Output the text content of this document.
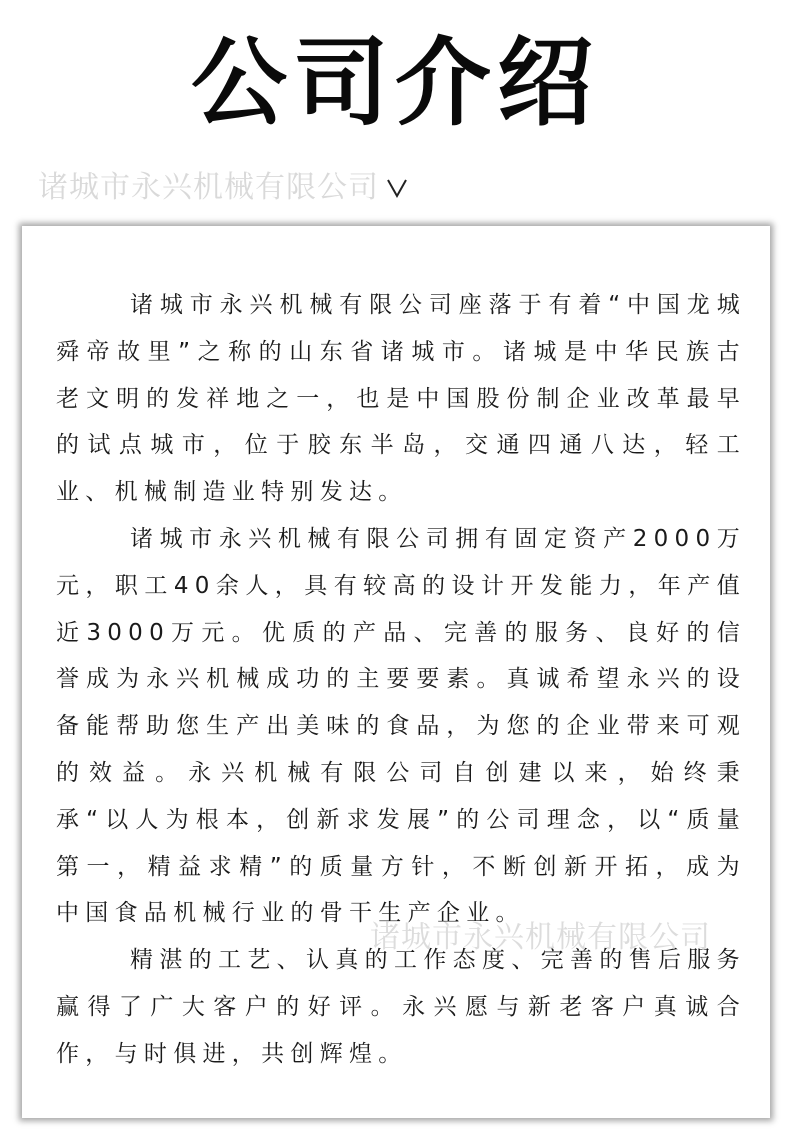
公司介绍
诸城市永兴机械有限公司

诸城市永兴机械有限公司座落于有着“中国龙城舜帝故里”之称的山东省诸城市。诸城是中华民族古老文明的发祥地之一，也是中国股份制企业改革最早的试点城市，位于胶东半岛，交通四通八达，轻工业、机械制造业特别发达。

诸城市永兴机械有限公司拥有固定资产2000万元，职工40余人，具有较高的设计开发能力，年产值近3000万元。优质的产品、完善的服务、良好的信誉成为永兴机械成功的主要要素。真诚希望永兴的设备能帮助您生产出美味的食品，为您的企业带来可观的效益。永兴机械有限公司自创建以来，始终秉承“以人为根本，创新求发展”的公司理念，以“质量第一，精益求精”的质量方针，不断创新开拓，成为中国食品机械行业的骨干生产企业。

精湛的工艺、认真的工作态度、完善的售后服务赢得了广大客户的好评。永兴愿与新老客户真诚合作，与时俱进，共创辉煌。

诸城市永兴机械有限公司
